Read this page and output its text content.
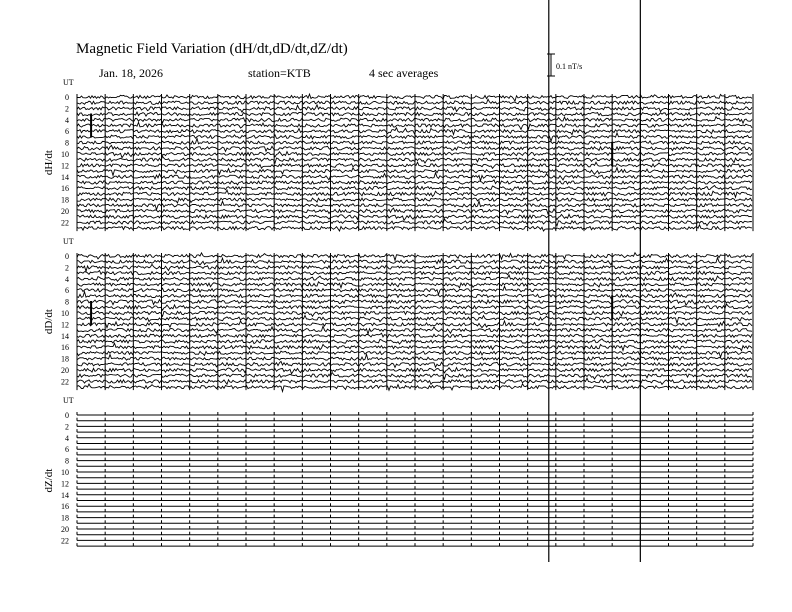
Magnetic Field Variation (dH/dt,dD/dt,dZ/dt)
Jan. 18, 2026	station=KTB	4 sec averages	0.1 nT/s
UT
0
2
4
6
8
10
12
14
16
18
20
22
dH/dt
UT
0
2
4
6
8
10
12
14
16
18
20
22
dD/dt
UT
0
2
4
6
8
10
12
14
16
18
20
22
dZ/dt
